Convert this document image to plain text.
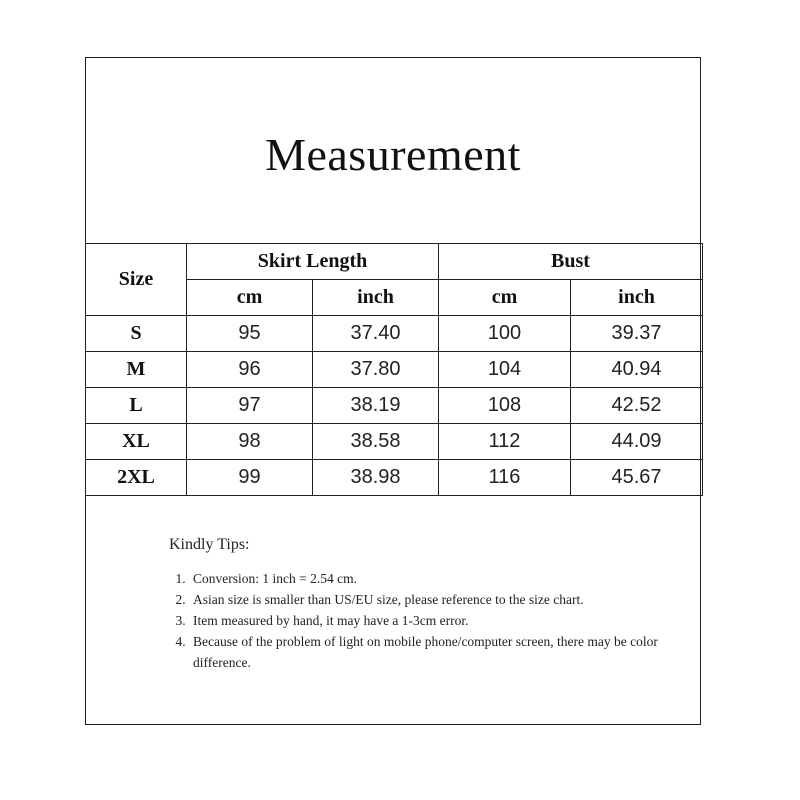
Measurement
Size	Skirt Length		Bust	
	cm	inch	cm	inch
S	95	37.40	100	39.37
M	96	37.80	104	40.94
L	97	38.19	108	42.52
XL	98	38.58	112	44.09
2XL	99	38.98	116	45.67
Kindly Tips:
1. Conversion: 1 inch = 2.54 cm.
2. Asian size is smaller than US/EU size, please reference to the size chart.
3. Item measured by hand, it may have a 1-3cm error.
4. Because of the problem of light on mobile phone/computer screen, there may be color difference.
